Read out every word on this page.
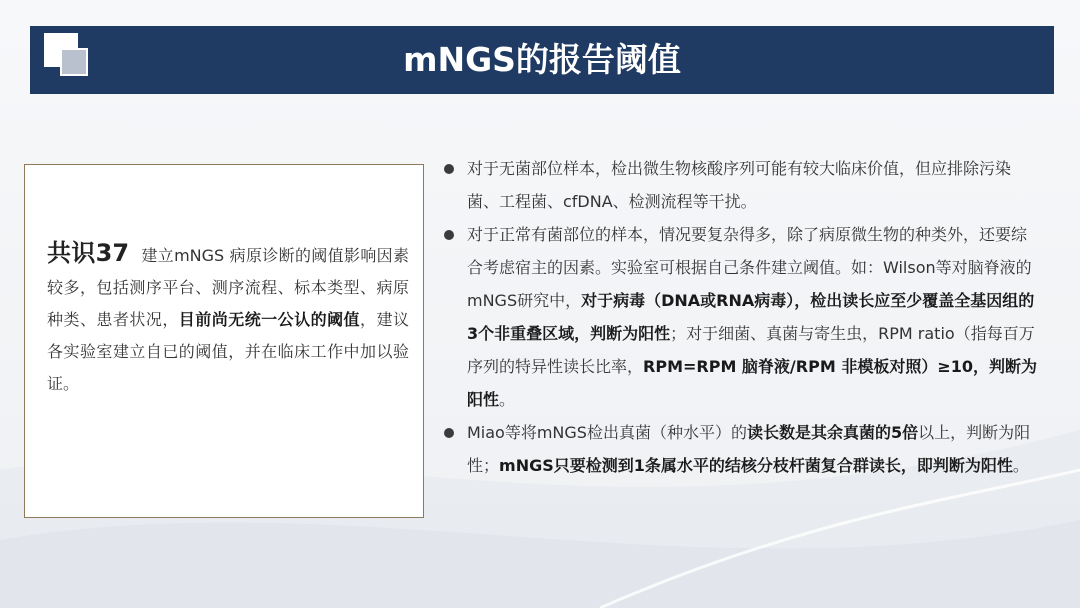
mNGS的报告阈值
共识37 建立mNGS 病原诊断的阈值影响因素较多，包括测序平台、测序流程、标本类型、病原种类、患者状况，目前尚无统一公认的阈值，建议各实验室建立自已的阈值，并在临床工作中加以验证。
对于无菌部位样本，检出微生物核酸序列可能有较大临床价值，但应排除污染菌、工程菌、cfDNA、检测流程等干扰。
对于正常有菌部位的样本，情况要复杂得多，除了病原微生物的种类外，还要综合考虑宿主的因素。实验室可根据自己条件建立阈值。如：Wilson等对脑脊液的mNGS研究中，对于病毒（DNA或RNA病毒），检出读长应至少覆盖全基因组的3个非重叠区域，判断为阳性；对于细菌、真菌与寄生虫，RPM ratio（指每百万序列的特异性读长比率，RPM=RPM 脑脊液/RPM 非模板对照）≥10，判断为阳性。
Miao等将mNGS检出真菌（种水平）的读长数是其余真菌的5倍以上，判断为阳性；mNGS只要检测到1条属水平的结核分枝杆菌复合群读长，即判断为阳性。
